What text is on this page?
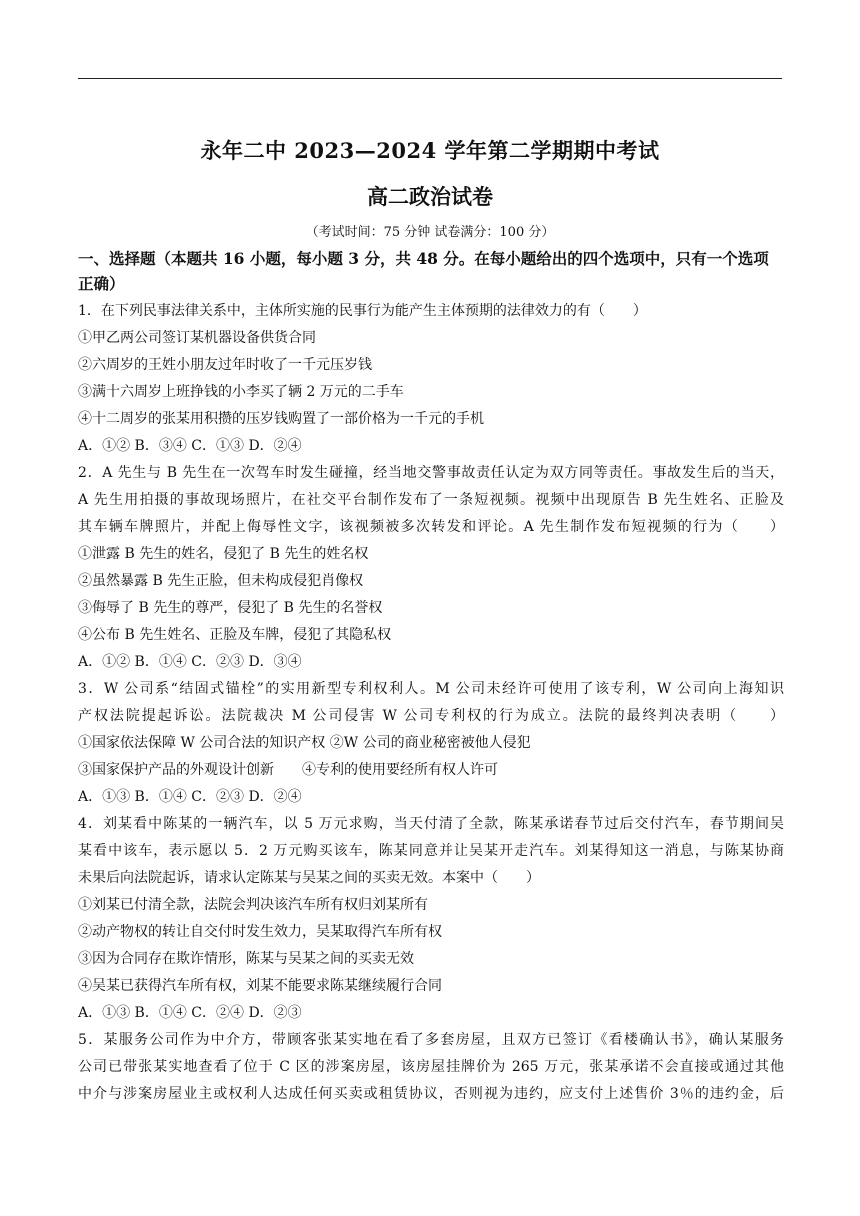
永年二中 2023—2024 学年第二学期期中考试
高二政治试卷
（考试时间：75 分钟 试卷满分：100 分）
一、选择题（本题共 16 小题，每小题 3 分，共 48 分。在每小题给出的四个选项中，只有一个选项正确）
1．在下列民事法律关系中，主体所实施的民事行为能产生主体预期的法律效力的有（　　）
①甲乙两公司签订某机器设备供货合同
②六周岁的王姓小朋友过年时收了一千元压岁钱
③满十六周岁上班挣钱的小李买了辆 2 万元的二手车
④十二周岁的张某用积攒的压岁钱购置了一部价格为一千元的手机
A．①② B．③④ C．①③ D．②④
2．A 先生与 B 先生在一次驾车时发生碰撞，经当地交警事故责任认定为双方同等责任。事故发生后的当天，
A 先生用拍摄的事故现场照片，在社交平台制作发布了一条短视频。视频中出现原告 B 先生姓名、正脸及
其车辆车牌照片，并配上侮辱性文字，该视频被多次转发和评论。A 先生制作发布短视频的行为（　　）
①泄露 B 先生的姓名，侵犯了 B 先生的姓名权
②虽然暴露 B 先生正脸，但未构成侵犯肖像权
③侮辱了 B 先生的尊严，侵犯了 B 先生的名誉权
④公布 B 先生姓名、正脸及车牌，侵犯了其隐私权
A．①② B．①④ C．②③ D．③④
3．W 公司系“结固式锚栓”的实用新型专利权利人。M 公司未经许可使用了该专利，W 公司向上海知识
产权法院提起诉讼。法院裁决 M 公司侵害 W 公司专利权的行为成立。法院的最终判决表明（　　）
①国家依法保障 W 公司合法的知识产权 ②W 公司的商业秘密被他人侵犯
③国家保护产品的外观设计创新　　④专利的使用要经所有权人许可
A．①③ B．①④ C．②③ D．②④
4．刘某看中陈某的一辆汽车，以 5 万元求购，当天付清了全款，陈某承诺春节过后交付汽车，春节期间吴
某看中该车，表示愿以 5．2 万元购买该车，陈某同意并让吴某开走汽车。刘某得知这一消息，与陈某协商
未果后向法院起诉，请求认定陈某与吴某之间的买卖无效。本案中（　　）
①刘某已付清全款，法院会判决该汽车所有权归刘某所有
②动产物权的转让自交付时发生效力，吴某取得汽车所有权
③因为合同存在欺诈情形，陈某与吴某之间的买卖无效
④吴某已获得汽车所有权，刘某不能要求陈某继续履行合同
A．①③ B．①④ C．②④ D．②③
5．某服务公司作为中介方，带顾客张某实地在看了多套房屋，且双方已签订《看楼确认书》，确认某服务
公司已带张某实地查看了位于 C 区的涉案房屋，该房屋挂牌价为 265 万元，张某承诺不会直接或通过其他
中介与涉案房屋业主或权利人达成任何买卖或租赁协议，否则视为违约，应支付上述售价 3％的违约金，后
